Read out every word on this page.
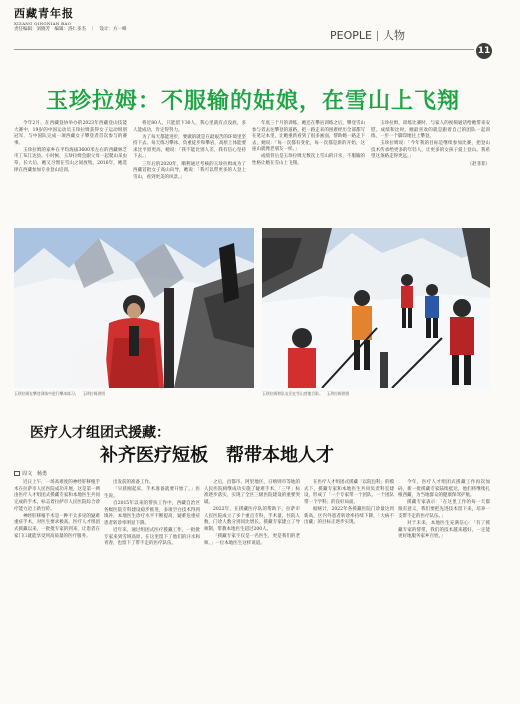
西藏青年报
XIZANG QINGNIAN BAO
责任编辑：刘晓芳　编辑：洛仁多杰　｜　设计：方一峰	PEOPLE 人物
11
玉珍拉姆：不服输的姑娘，在雪山上飞翔

今年2月，在西藏登协举办的2023年西藏登山技能大赛中，19岁的中国运动员玉珍拉姆获得女子运动组别冠军，与中国队完成一项西藏女子攀登者首次参与的赛事。

玉珍拉姆的家乡在平均海拔3600米左右的西藏林芝市工布江达县。小时候，玉珍拉姆会跟父母一起爬山采虫草，长大后，她又习惯在雪山之间放牧。2016年，她选择在西藏参加专业登山培训，

将近80人，只能留下30人，我心里就有点没底，多人能成功，肯定得努力。

为了每天都能进步，要做的就是在最艰苦的环境里坚持下去。每天练习攀冰、负重徒步和攀岩，高原上体能要求比平原更高，她说：「我不能比别人差，我有信心坚持下去。」

三年后的2020年，顺利通过考核的玉珍拉姆成为了西藏首批女子高山向导，她说：「我可以带更多的人登上雪山，看到更美的风景。」

年底三个月的训练，她还在攀岩训练之后，攀登雪山参与者去往攀登的道路，把一路走来的困难经历全部都写在笔记本里，让她重新看到了很多画面，帮助她一路走下去，她说：「每一次都有变化，每一次都是新的开始，这座山就像老朋友一样。」

成绩背后是玉珍拉姆无数次上雪山的汗水，不服输的性格让她在雪山上飞翔。

玉珍拉姆，训练比赛时，与家人的视频通话给她带来安慰。成绩和比时，她最喜欢的就是跟着自己的团队一起训练，一步一个脚印地往上攀登。

玉珍拉姆说：「今年我的目标是继续参加比赛，把登山技术传承给更多的年轻人，让更多的女孩子爱上登山。我希望这条路走得更远。」

（赵菲菲）

玉珍拉姆在攀登训练中进行攀冰练习。　玉珍拉姆供图	玉珍拉姆和队友们在雪山营地合影。　玉珍拉姆供图
医疗人才组团式援藏：
补齐医疗短板　帮带本地人才
周文　杨勇

近日上午，一场高难度的神经肝移植手术在拉萨市人民医院成功开展，这是第一例由医疗人才组团式援藏专家和本地医生共同完成的手术，标志着拉萨市人民医院综合诊疗能力迈上新台阶。

神经肝移植手术是一种不太多见的疑难重症手术，对医生要求极高。医疗人才组团式援藏以来，一批批专家的到来，让患者在家门口就能享受到高质量的医疗服务。

出发前的准备工作。

「早晨刚起床，手术准备就要开始了。」医生说。

自2015年以来的帮扶工作中，西藏自治区各级医院专科建设稳步推进，多项空白技术得到填补，本地医生诊疗水平不断提高，疑难危重症患者转诊率明显下降。

近年来，通过组团式医疗援藏工作，一批批专家来到雪域高原，在这里留下了他们的汗水和青春，也留下了带不走的医疗队伍。

之后，昌都市、阿里地区、日喀则市等地的人民医院相继成功实施了疑难手术，「三甲」标准逐步落实，实现了全区三级医院建设的重要突破。

2022年，在援藏医疗队的帮助下，拉萨市人民医院成立了多个重点专科，手术量、住院人数、门诊人数分别同比增长。援藏专家建立了导师制，带教本地医生超过200人。

「援藏专家不仅是一名医生，更是我们的老师。」一位本地医生这样说道。

在医疗人才组团式援藏「以院包科」的模式下，援藏专家和本地医生共同负责科室建设，形成了「一个专家带一个团队，一个团队带一个学科」的良好局面。

据统计，2022年各援藏医院门诊量达到新高，区内外患者转诊率持续下降，「大病不出藏」的目标正逐步实现。

今年，医疗人才组团式援藏工作再次加码，新一批援藏专家陆续抵达，他们将继续扎根西藏，为当地群众的健康保驾护航。

援藏专家表示：「在这里工作的每一天都很有意义，我们要把先进技术留下来，培养一支带不走的医疗队伍。」

对于未来，本地医生充满信心：「有了援藏专家的帮带，我们的技术越来越好，一定能更好地服务家乡百姓。」
